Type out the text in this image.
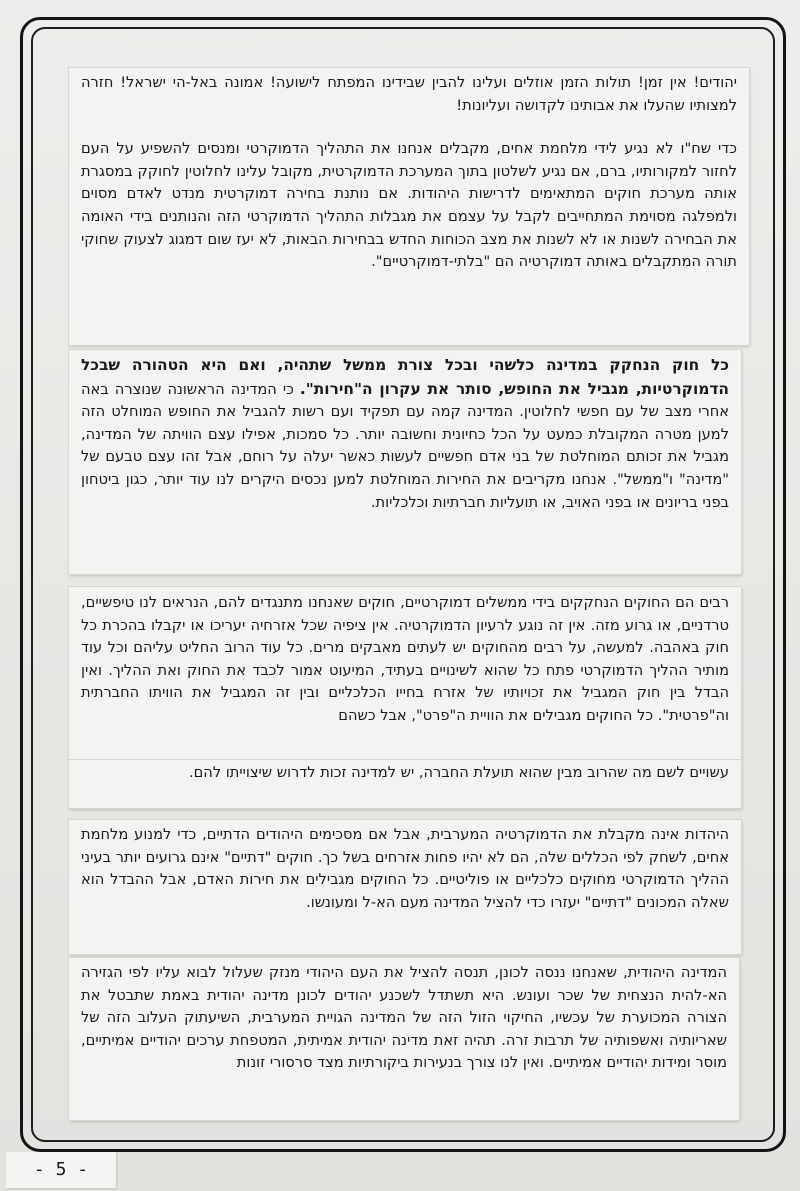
יהודים! אין זמן! תולות הזמן אוזלים ועלינו להבין שבידינו המפתח לישועה! אמונה באל-הי ישראל! חזרה למצותיו שהעלו את אבותינו לקדושה ועליונות!

כדי שח"ו לא נגיע לידי מלחמת אחים, מקבלים אנחנו את התהליך הדמוקרטי ומנסים להשפיע על העם לחזור למקורותיו, ברם, אם נגיע לשלטון בתוך המערכת הדמוקרטית, מקובל עלינו לחלוטין לחוקק במסגרת אותה מערכת חוקים המתאימים לדרישות היהודות. אם נותנת בחירה דמוקרטית מנדט לאדם מסוים ולמפלגה מסוימת המתחייבים לקבל על עצמם את מגבלות התהליך הדמוקרטי הזה והנותנים בידי האומה את הבחירה לשנות או לא לשנות את מצב הכוחות החדש בבחירות הבאות, לא יעז שום דמגוג לצעוק שחוקי תורה המתקבלים באותה דמוקרטיה הם "בלתי-דמוקרטיים".

כל חוק הנחקק במדינה כלשהי ובכל צורת ממשל שתהיה, ואם היא הטהורה שבכל הדמוקרטיות, מגביל את החופש, סותר את עקרון ה"חירות". כי המדינה הראשונה שנוצרה באה אחרי מצב של עם חפשי לחלוטין. המדינה קמה עם תפקיד ועם רשות להגביל את החופש המוחלט הזה למען מטרה המקובלת כמעט על הכל כחיונית וחשובה יותר. כל סמכות, אפילו עצם הוויתה של המדינה, מגביל את זכותם המוחלטת של בני אדם חפשיים לעשות כאשר יעלה על רוחם, אבל זהו עצם טבעם של "מדינה" ו"ממשל". אנחנו מקריבים את החירות המוחלטת למען נכסים היקרים לנו עוד יותר, כגון ביטחון בפני בריונים או בפני האויב, או תועליות חברתיות וכלכליות.

רבים הם החוקים הנחקקים בידי ממשלים דמוקרטיים, חוקים שאנחנו מתנגדים להם, הנראים לנו טיפשיים, טרדניים, או גרוע מזה. אין זה נוגע לרעיון הדמוקרטיה. אין ציפיה שכל אזרחיה יעריכו או יקבלו בהכרת כל חוק באהבה. למעשה, על רבים מהחוקים יש לעתים מאבקים מרים. כל עוד הרוב החליט עליהם וכל עוד מותיר ההליך הדמוקרטי פתח כל שהוא לשינויים בעתיד, המיעוט אמור לכבד את החוק ואת ההליך. ואין הבדל בין חוק המגביל את זכויותיו של אזרח בחייו הכלכליים ובין זה המגביל את הוויתו החברתית וה"פרטית". כל החוקים מגבילים את הוויית ה"פרט", אבל כשהם

עשויים לשם מה שהרוב מבין שהוא תועלת החברה, יש למדינה זכות לדרוש שיצוייתו להם.

היהדות אינה מקבלת את הדמוקרטיה המערבית, אבל אם מסכימים היהודים הדתיים, כדי למנוע מלחמת אחים, לשחק לפי הכללים שלה, הם לא יהיו פחות אזרחים בשל כך. חוקים "דתיים" אינם גרועים יותר בעיני ההליך הדמוקרטי מחוקים כלכליים או פוליטיים. כל החוקים מגבילים את חירות האדם, אבל ההבדל הוא שאלה המכונים "דתיים" יעזרו כדי להציל המדינה מעם הא-ל ומעונשו.

המדינה היהודית, שאנחנו ננסה לכונן, תנסה להציל את העם היהודי מנזק שעלול לבוא עליו לפי הגזירה הא-להית הנצחית של שכר ועונש. היא תשתדל לשכנע יהודים לכונן מדינה יהודית באמת שתבטל את הצורה המכוערת של עכשיו, החיקוי הזול הזה של המדינה הגויית המערבית, השיעתוק העלוב הזה של שאריותיה ואשפותיה של תרבות זרה. תהיה זאת מדינה יהודית אמיתית, המטפחת ערכים יהודיים אמיתיים, מוסר ומידות יהודיים אמיתיים. ואין לנו צורך בנעירות ביקורתיות מצד סרסורי זונות

- 5 -
